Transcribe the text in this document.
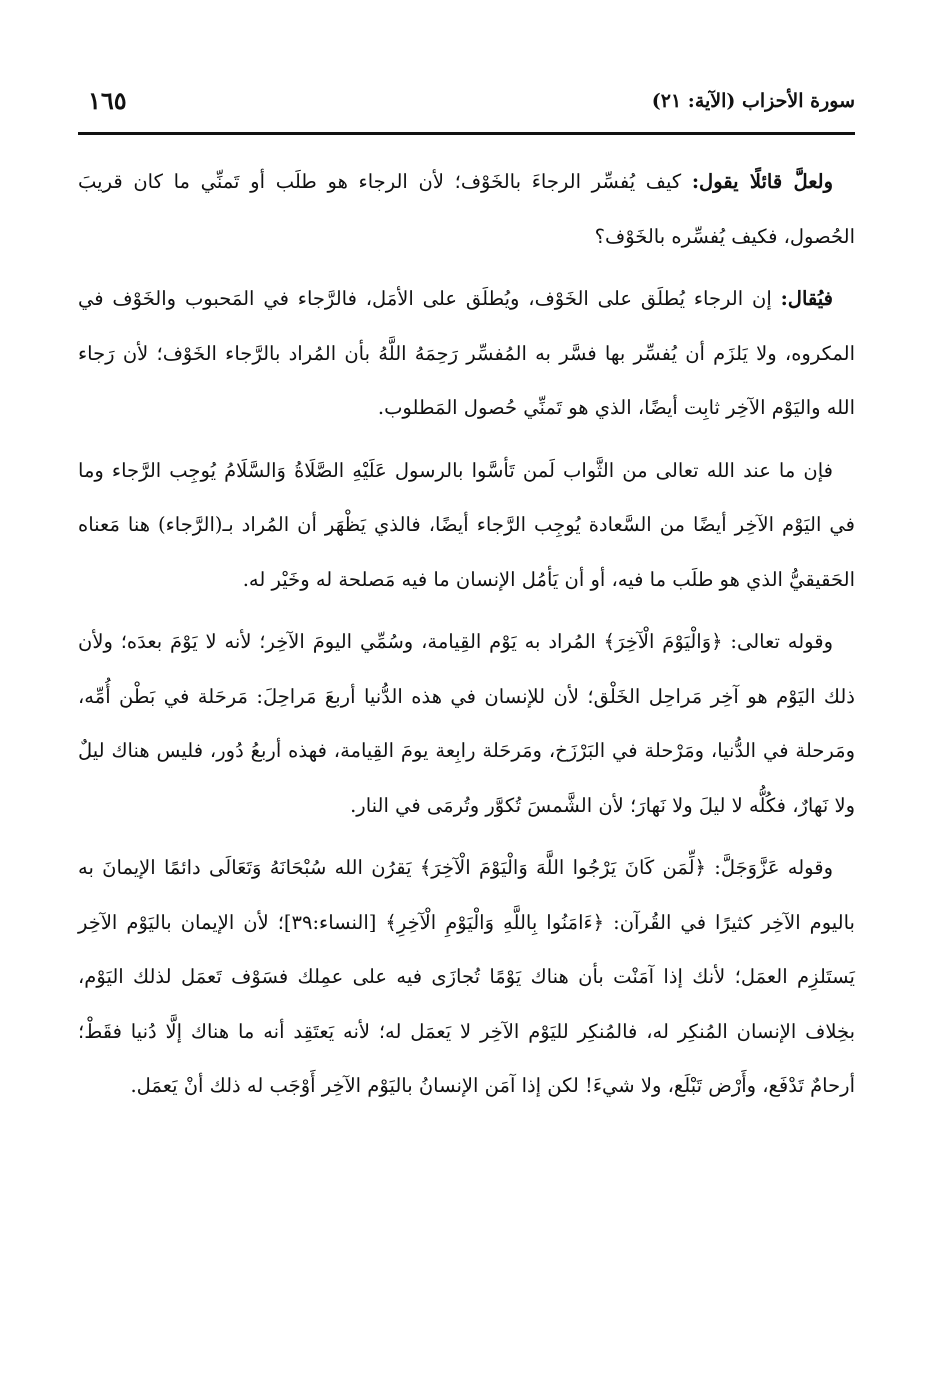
سورة الأحزاب (الآية: ٢١)
١٦٥

ولعلَّ قائلًا يقول: كيف يُفسِّر الرجاءَ بالخَوْف؛ لأن الرجاء هو طلَب أو تَمنِّي ما كان قريبَ الحُصول، فكيف يُفسِّره بالخَوْف؟

فيُقال: إن الرجاء يُطلَق على الخَوْف، ويُطلَق على الأمَل، فالرَّجاء في المَحبوب والخَوْف في المكروه، ولا يَلزَم أن يُفسِّر بها فسَّر به المُفسِّر رَحِمَهُ اللَّهُ بأن المُراد بالرَّجاء الخَوْف؛ لأن رَجاء الله واليَوْم الآخِر ثابِت أيضًا، الذي هو تَمنِّي حُصول المَطلوب.

فإن ما عند الله تعالى من الثَّواب لَمن تَأسَّوا بالرسول عَلَيْهِ الصَّلَاةُ وَالسَّلَامُ يُوجِب الرَّجاء وما في اليَوْم الآخِر أيضًا من السَّعادة يُوجِب الرَّجاء أيضًا، فالذي يَظْهَر أن المُراد بـ(الرَّجاء) هنا مَعناه الحَقيقيُّ الذي هو طلَب ما فيه، أو أن يَأمُل الإنسان ما فيه مَصلحة له وخَيْر له.

وقوله تعالى: ﴿وَالْيَوْمَ الْآخِرَ﴾ المُراد به يَوْم القِيامة، وسُمِّي اليومَ الآخِر؛ لأنه لا يَوْمَ بعدَه؛ ولأن ذلك اليَوْم هو آخِر مَراحِل الخَلْق؛ لأن للإنسان في هذه الدُّنيا أربعَ مَراحِلَ: مَرحَلة في بَطْن أُمِّه، ومَرحلة في الدُّنيا، ومَرْحلة في البَرْزَخ، ومَرحَلة رابِعة يومَ القِيامة، فهذه أربعُ دُور، فليس هناك ليلٌ ولا نَهارٌ، فكُلُّه لا ليلَ ولا نَهارَ؛ لأن الشَّمسَ تُكوَّر وتُرمَى في النار.

وقوله عَزَّوَجَلَّ: ﴿لِّمَن كَانَ يَرْجُوا اللَّهَ وَالْيَوْمَ الْآخِرَ﴾ يَقرُن الله سُبْحَانَهُ وَتَعَالَى دائمًا الإيمانَ به باليوم الآخِر كثيرًا في القُرآن: ﴿ءَامَنُوا بِاللَّهِ وَالْيَوْمِ الْآخِرِ﴾ [النساء:٣٩]؛ لأن الإيمان باليَوْم الآخِر يَستَلزِم العمَل؛ لأنك إذا آمَنْت بأن هناك يَوْمًا تُجازَى فيه على عمِلك فسَوْف تَعمَل لذلك اليَوْم، بخِلاف الإنسان المُنكِر له، فالمُنكِر لليَوْم الآخِر لا يَعمَل له؛ لأنه يَعتَقِد أنه ما هناك إلَّا دُنيا فقَطْ؛ أرحامٌ تَدْفَع، وأَرْض تَبْلَع، ولا شيءَ! لكن إذا آمَن الإنسانُ باليَوْم الآخِر أَوْجَب له ذلك أنْ يَعمَل.
